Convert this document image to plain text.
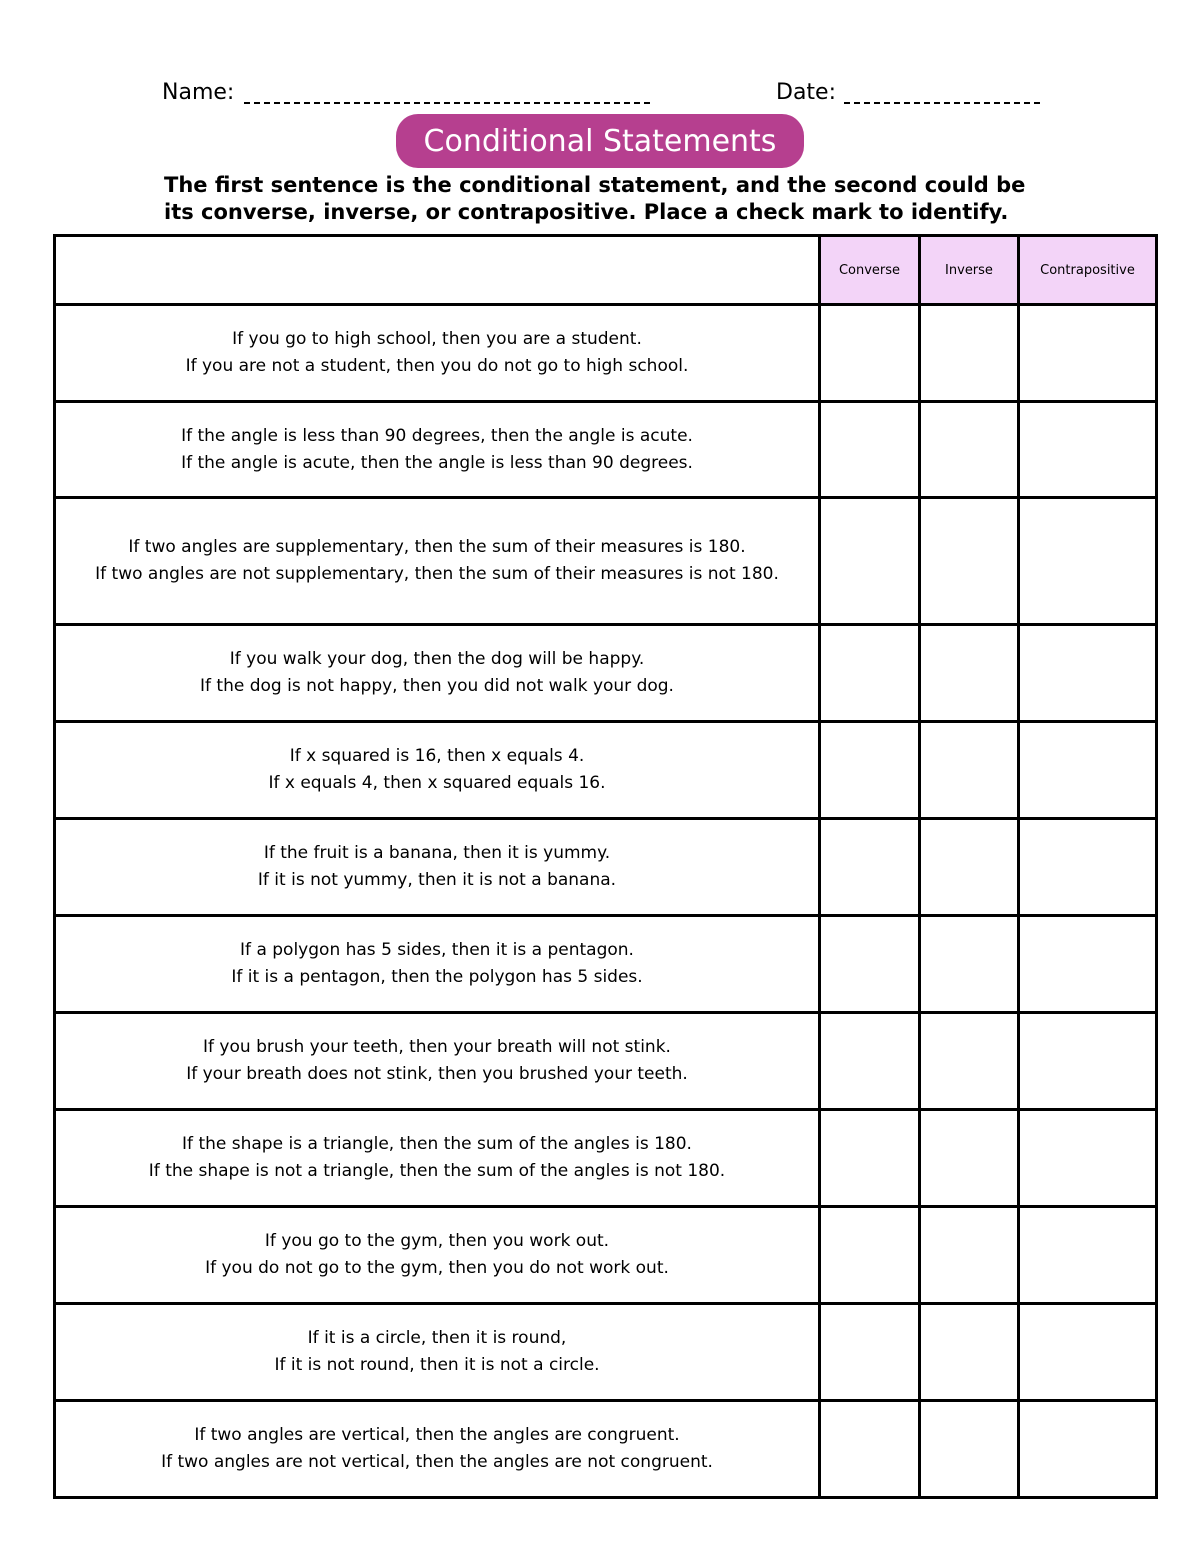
Name:	Date:
Conditional Statements
The first sentence is the conditional statement, and the second could be its converse, inverse, or contrapositive. Place a check mark to identify.
	Converse	Inverse	Contrapositive

If you go to high school, then you are a student.
If you are not a student, then you do not go to high school.			

If the angle is less than 90 degrees, then the angle is acute.
If the angle is acute, then the angle is less than 90 degrees.			

If two angles are supplementary, then the sum of their measures is 180.
If two angles are not supplementary, then the sum of their measures is not 180.			

If you walk your dog, then the dog will be happy.
If the dog is not happy, then you did not walk your dog.			

If x squared is 16, then x equals 4.
If x equals 4, then x squared equals 16.			

If the fruit is a banana, then it is yummy.
If it is not yummy, then it is not a banana.			

If a polygon has 5 sides, then it is a pentagon.
If it is a pentagon, then the polygon has 5 sides.			

If you brush your teeth, then your breath will not stink.
If your breath does not stink, then you brushed your teeth.			

If the shape is a triangle, then the sum of the angles is 180.
If the shape is not a triangle, then the sum of the angles is not 180.			

If you go to the gym, then you work out.
If you do not go to the gym, then you do not work out.			

If it is a circle, then it is round,
If it is not round, then it is not a circle.			

If two angles are vertical, then the angles are congruent.
If two angles are not vertical, then the angles are not congruent.			
